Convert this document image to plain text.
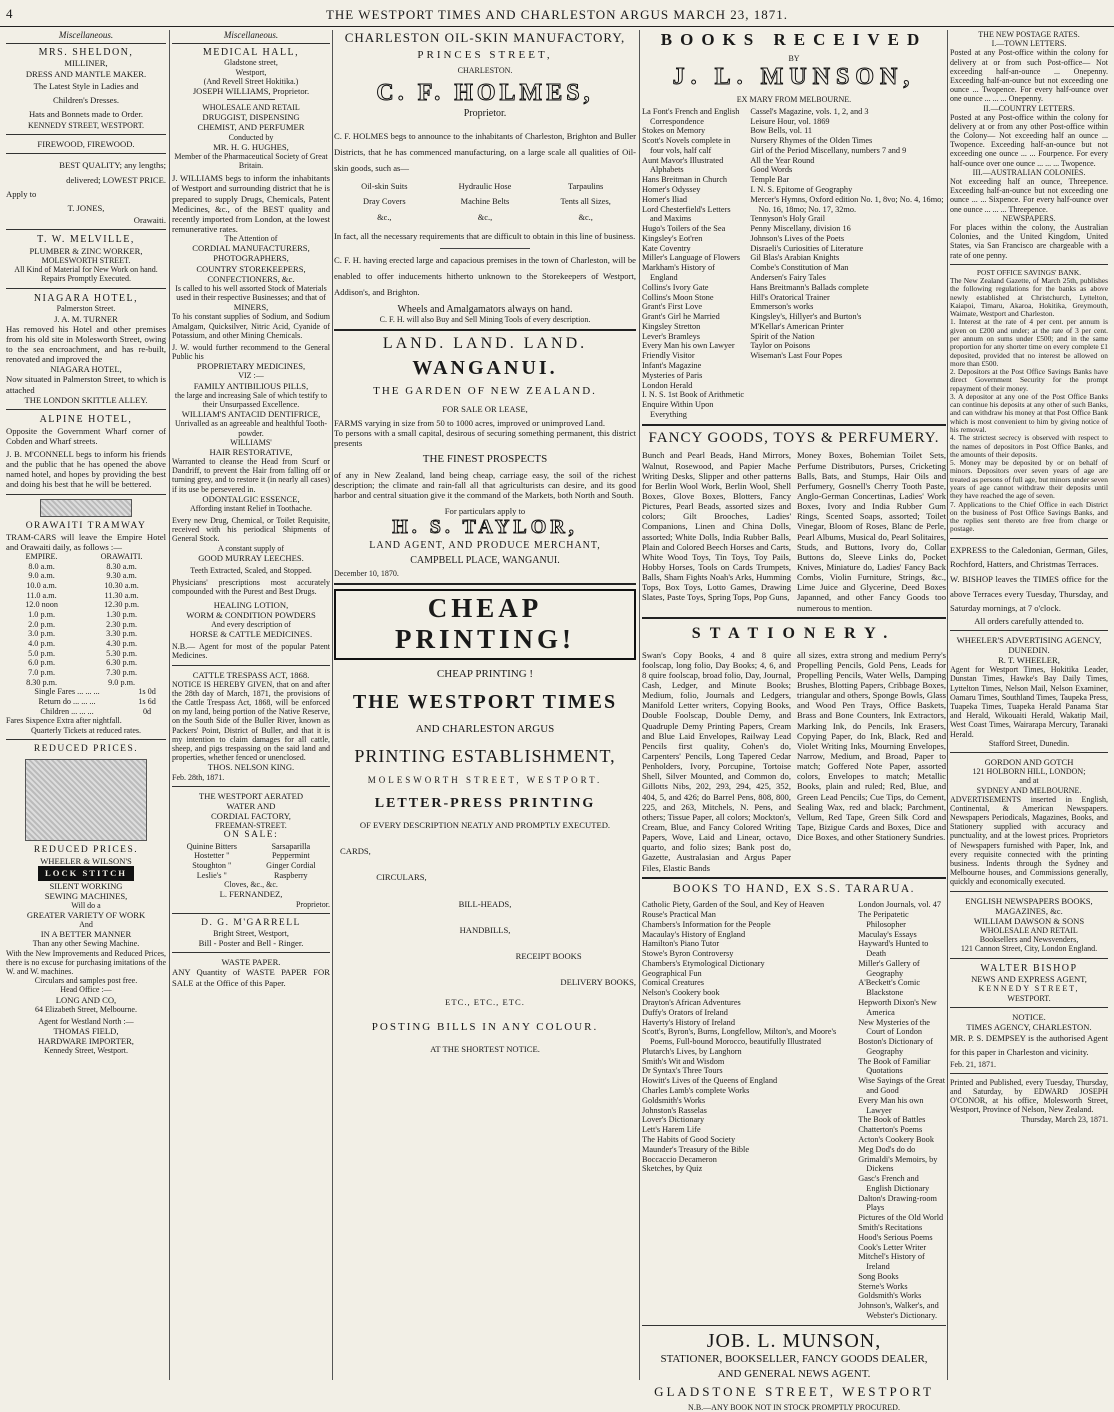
4	THE WESTPORT TIMES AND CHARLESTON ARGUS MARCH 23, 1871.
Miscellaneous.
MRS. SHELDON,
MILLINER,
DRESS AND MANTLE MAKER.
The Latest Style in Ladies and
Children's Dresses.
Hats and Bonnets made to Order.
KENNEDY STREET, WESTPORT.
FIREWOOD, FIREWOOD.
BEST QUALITY; any lengths;
delivered; LOWEST PRICE.
Apply to
T. JONES,
Orawaiti.
T. W. MELVILLE,
PLUMBER & ZINC WORKER,
MOLESWORTH STREET.
All Kind of Material for New Work on hand.
Repairs Promptly Executed.
NIAGARA HOTEL,
Palmerston Street.
J. A. M. TURNER
Has removed his Hotel and other premises from his old site in Molesworth Street, owing to the sea encroachment, and has re-built, renovated and improved the
NIAGARA HOTEL,
Now situated in Palmerston Street, to which is attached
THE LONDON SKITTLE ALLEY.
ALPINE HOTEL,
Opposite the Government Wharf corner of Cobden and Wharf streets.
J. B. M'CONNELL begs to inform his friends and the public that he has opened the above named hotel, and hopes by providing the best and doing his best that he will be bettered.
ORAWAITI TRAMWAY
TRAM-CARS will leave the Empire Hotel and Orawaiti daily, as follows :—
EMPIRE.	ORAWAITI.
8.0 a.m.	8.30 a.m.
9.0 a.m.	9.30 a.m.
10.0 a.m.	10.30 a.m.
11.0 a.m.	11.30 a.m.
12.0 noon	12.30 p.m.
1.0 p.m.	1.30 p.m.
2.0 p.m.	2.30 p.m.
3.0 p.m.	3.30 p.m.
4.0 p.m.	4.30 p.m.
5.0 p.m.	5.30 p.m.
6.0 p.m.	6.30 p.m.
7.0 p.m.	7.30 p.m.
8.30 p.m.	9.0 p.m.
Single Fares ... ... ...	1s 0d
Return do ... ... ...	1s 6d
Children ... ... ...	0d
Fares Sixpence Extra after nightfall.
Quarterly Tickets at reduced rates.
REDUCED PRICES.
REDUCED PRICES.
WHEELER & WILSON'S
LOCK STITCH
SILENT WORKING
SEWING MACHINES,
Will do a
GREATER VARIETY OF WORK
And
IN A BETTER MANNER
Than any other Sewing Machine.
With the New Improvements and Reduced Prices, there is no excuse for purchasing imitations of the W. and W. machines.
Circulars and samples post free.
Head Office :—
LONG AND CO,
64 Elizabeth Street, Melbourne.
Agent for Westland North :—
THOMAS FIELD,
HARDWARE IMPORTER,
Kennedy Street, Westport.
Miscellaneous.
MEDICAL HALL,
Gladstone street,
Westport,
(And Revell Street Hokitika.)
JOSEPH WILLIAMS, Proprietor.
WHOLESALE AND RETAIL
DRUGGIST, DISPENSING
CHEMIST, AND PERFUMER
Conducted by
MR. H. G. HUGHES,
Member of the Pharmaceutical Society of Great Britain.
J. WILLIAMS begs to inform the inhabitants of Westport and surrounding district that he is prepared to supply Drugs, Chemicals, Patent Medicines, &c., of the BEST quality and recently imported from London, at the lowest remunerative rates.
The Attention of
CORDIAL MANUFACTURERS,
PHOTOGRAPHERS,
COUNTRY STOREKEEPERS,
CONFECTIONERS, &c.
Is called to his well assorted Stock of Materials used in their respective Businesses; and that of
MINERS,
To his constant supplies of Sodium, and Sodium Amalgam, Quicksilver, Nitric Acid, Cyanide of Potassium, and other Mining Chemicals.
J. W. would further recommend to the General Public his
PROPRIETARY MEDICINES,
VIZ :—
FAMILY ANTIBILIOUS PILLS,
the large and increasing Sale of which testify to their Unsurpassed Excellence.
WILLIAM'S ANTACID DENTIFRICE,
Unrivalled as an agreeable and healthful Tooth-powder.
WILLIAMS'
HAIR RESTORATIVE,
Warranted to cleanse the Head from Scurf or Dandriff, to prevent the Hair from falling off or turning grey, and to restore it (in nearly all cases) if its use be persevered in.
ODONTALGIC ESSENCE,
Affording instant Relief in Toothache.
Every new Drug, Chemical, or Toilet Requisite, received with his periodical Shipments of General Stock.
A constant supply of
GOOD MURRAY LEECHES.
Teeth Extracted, Scaled, and Stopped.
Physicians' prescriptions most accurately compounded with the Purest and Best Drugs.
HEALING LOTION,
WORM & CONDITION POWDERS
And every description of
HORSE & CATTLE MEDICINES.
N.B.— Agent for most of the popular Patent Medicines.
CATTLE TRESPASS ACT, 1868.
NOTICE IS HEREBY GIVEN, that on and after the 28th day of March, 1871, the provisions of the Cattle Trespass Act, 1868, will be enforced on my land, being portion of the Native Reserve, on the South Side of the Buller River, known as Packers' Point, District of Buller, and that it is my intention to claim damages for all cattle, sheep, and pigs trespassing on the said land and properties, whether fenced or unenclosed.
THOS. NELSON KING.
Feb. 28th, 1871.
THE WESTPORT AERATED
WATER AND
CORDIAL FACTORY,
FREEMAN-STREET.
ON SALE:
Quinine Bitters	Sarsaparilla
Hostetter "	Peppermint
Stoughton "	Ginger Cordial
Leslie's "	Raspberry
Cloves, &c., &c.
L. FERNANDEZ,
Proprietor.
D. G. M'GARRELL
Bright Street, Westport,
Bill - Poster and Bell - Ringer.
WASTE PAPER.
ANY Quantity of WASTE PAPER FOR SALE at the Office of this Paper.
CHARLESTON OIL-SKIN MANUFACTORY,
PRINCES STREET,
CHARLESTON.
C. F. HOLMES,
Proprietor.
C. F. HOLMES begs to announce to the inhabitants of Charleston, Brighton and Buller Districts, that he has commenced manufacturing, on a large scale all qualities of Oil-skin goods, such as—
Oil-skin Suits	Hydraulic Hose	Tarpaulins
Dray Covers	Machine Belts	Tents all Sizes,
&c.,	&c.,	&c.,
In fact, all the necessary requirements that are difficult to obtain in this line of business.
C. F. H. having erected large and capacious premises in the town of Charleston, will be enabled to offer inducements hitherto unknown to the Storekeepers of Westport, Addison's, and Brighton.
Wheels and Amalgamators always on hand.
C. F. H. will also Buy and Sell Mining Tools of every description.
LAND. LAND. LAND.
WANGANUI.
THE GARDEN OF NEW ZEALAND.
FOR SALE OR LEASE,
FARMS varying in size from 50 to 1000 acres, improved or unimproved Land.
To persons with a small capital, desirous of securing something permanent, this district presents
THE FINEST PROSPECTS
of any in New Zealand, land being cheap, carriage easy, the soil of the richest description; the climate and rain-fall all that agriculturists can desire, and its good harbor and central situation give it the command of the Markets, both North and South.
For particulars apply to
H. S. TAYLOR,
LAND AGENT, AND PRODUCE MERCHANT,
CAMPBELL PLACE, WANGANUI.
December 10, 1870.
CHEAP PRINTING!
CHEAP PRINTING !
THE WESTPORT TIMES
AND CHARLESTON ARGUS
PRINTING ESTABLISHMENT,
MOLESWORTH STREET, WESTPORT.
LETTER-PRESS PRINTING
OF EVERY DESCRIPTION NEATLY AND PROMPTLY EXECUTED.
CARDS,
CIRCULARS,
BILL-HEADS,
HANDBILLS,
RECEIPT BOOKS
DELIVERY BOOKS,
ETC., ETC., ETC.
POSTING BILLS IN ANY COLOUR.
AT THE SHORTEST NOTICE.
BOOKS RECEIVED
BY
J. L. MUNSON,
EX MARY FROM MELBOURNE.
La Font's French and English Correspondence
Stokes on Memory
Scott's Novels complete in four vols, half calf
Aunt Mavor's Illustrated Alphabets
Hans Breitman in Church
Homer's Odyssey
Homer's Iliad
Lord Chesterfield's Letters and Maxims
Hugo's Toilers of the Sea
Kingsley's Eot'ren
Kate Coventry
Miller's Language of Flowers
Markham's History of England
Collins's Ivory Gate
Collins's Moon Stone
Grant's First Love
Grant's Girl he Married
Kingsley Stretton
Lever's Bramleys
Every Man his own Lawyer
Friendly Visitor
Infant's Magazine
Mysteries of Paris
London Herald
I. N. S. 1st Book of Arithmetic
Enquire Within Upon Everything
Cassel's Magazine, vols. 1, 2, and 3
Leisure Hour, vol. 1869
Bow Bells, vol. 11
Nursery Rhymes of the Olden Times
Girl of the Period Miscellany, numbers 7 and 9
All the Year Round
Good Words
Temple Bar
I. N. S. Epitome of Geography
Mercer's Hymns, Oxford edition No. 1, 8vo; No. 4, 16mo; No. 16, 18mo; No. 17, 32mo.
Tennyson's Holy Grail
Penny Miscellany, division 16
Johnson's Lives of the Poets
Disraeli's Curiosities of Literature
Gil Blas's Arabian Knights
Combe's Constitution of Man
Andersen's Fairy Tales
Hans Breitmann's Ballads complete
Hill's Oratorical Trainer
Emmerson's works
Kingsley's, Hillyer's and Burton's
M'Kellar's American Printer
Spirit of the Nation
Taylor on Poisons
Wiseman's Last Four Popes
FANCY GOODS, TOYS & PERFUMERY.
Bunch and Pearl Beads, Hand Mirrors, Walnut, Rosewood, and Papier Mache Writing Desks, Slipper and other patterns for Berlin Wool Work, Berlin Wool, Shell Boxes, Glove Boxes, Blotters, Fancy Pictures, Pearl Beads, assorted sizes and colors; Gilt Brooches, Ladies' Companions, Linen and China Dolls, assorted; White Dolls, India Rubber Balls, Plain and Colored Beech Horses and Carts, White Wood Toys, Tin Toys, Toy Pails, Hobby Horses, Tools on Cards Trumpets, Balls, Sham Fights Noah's Arks, Humming Tops, Box Toys, Lotto Games, Drawing Slates, Paste Toys, Spring Tops, Pop Guns,
Money Boxes, Bohemian Toilet Sets, Perfume Distributors, Purses, Cricketing Balls, Bats, and Stumps, Hair Oils and Perfumery, Gosnell's Cherry Tooth Paste, Anglo-German Concertinas, Ladies' Work Boxes, Ivory and India Rubber Gum Rings, Scented Soaps, assorted; Toilet Vinegar, Bloom of Roses, Blanc de Perle, Pearl Albums, Musical do, Pearl Solitaires, Studs, and Buttons, Ivory do, Collar Buttons do, Sleeve Links do, Pocket Knives, Miniature do, Ladies' Fancy Back Combs, Violin Furniture, Strings, &c., Lime Juice and Glycerine, Deed Boxes Japanned, and other Fancy Goods too numerous to mention.
STATIONERY.
Swan's Copy Books, 4 and 8 quire foolscap, long folio, Day Books; 4, 6, and 8 quire foolscap, broad folio, Day, Journal, Cash, Ledger, and Minute Books; Medium, folio, Journals and Ledgers, Manifold Letter writers, Copying Books, Double Foolscap, Double Demy, and Quadruple Demy Printing Papers, Cream and Blue Laid Envelopes, Railway Lead Pencils first quality, Cohen's do, Carpenters' Pencils, Long Tapered Cedar Penholders, Ivory, Porcupine, Tortoise Shell, Silver Mounted, and Common do, Gillotts Nibs, 202, 293, 294, 425, 352, 404, 5, and 426; do Barrel Pens, 808, 800, 225, and 263, Mitchels, N. Pens, and others; Tissue Paper, all colors; Mockton's, Cream, Blue, and Fancy Colored Writing Papers, Wove, Laid and Linear, octavo, quarto, and folio sizes; Bank post do, Gazette, Australasian and Argus Paper Files, Elastic Bands
all sizes, extra strong and medium Perry's Propelling Pencils, Gold Pens, Leads for Propelling Pencils, Water Wells, Damping Brushes, Blotting Papers, Cribbage Boxes, triangular and others, Sponge Bowls, Glass and Wood Pen Trays, Office Baskets, Brass and Bone Counters, Ink Extractors, Marking Ink, do Pencils, Ink Erasers, Copying Paper, do Ink, Black, Red and Violet Writing Inks, Mourning Envelopes, Narrow, Medium, and Broad, Paper to match; Goffered Note Paper, assorted colors, Envelopes to match; Metallic Books, plain and ruled; Red, Blue, and Green Lead Pencils; Cue Tips, do Cement, Sealing Wax, red and black; Parchment, Vellum, Red Tape, Green Silk Cord and Tape, Bizigue Cards and Boxes, Dice and Dice Boxes, and other Stationery Sundries.
BOOKS TO HAND, EX S.S. TARARUA.
Catholic Piety, Garden of the Soul, and Key of Heaven
Rouse's Practical Man
Chambers's Information for the People
Macaulay's History of England
Hamilton's Piano Tutor
Stowe's Byron Controversy
Chambers's Etymological Dictionary
Geographical Fun
Comical Creatures
Nelson's Cookery book
Drayton's African Adventures
Duffy's Orators of Ireland
Haverty's History of Ireland
Scott's, Byron's, Burns, Longfellow, Milton's, and Moore's Poems, Full-bound Morocco, beautifully Illustrated
Plutarch's Lives, by Langhorn
Smith's Wit and Wisdom
Dr Syntax's Three Tours
Howitt's Lives of the Queens of England
Charles Lamb's complete Works
Goldsmith's Works
Johnston's Rasselas
Lover's Dictionary
Lett's Harem Life
The Habits of Good Society
Maunder's Treasury of the Bible
Boccaccio Decameron
Sketches, by Quiz
London Journals, vol. 47
The Peripatetic Philosopher
Maculay's Essays
Hayward's Hunted to Death
Miller's Gallery of Geography
A'Beckett's Comic Blackstone
Hepworth Dixon's New America
New Mysteries of the Court of London
Boston's Dictionary of Geography
The Book of Familiar Quotations
Wise Sayings of the Great and Good
Every Man his own Lawyer
The Book of Battles
Chatterton's Poems
Acton's Cookery Book
Meg Dod's do do
Grimaldi's Memoirs, by Dickens
Gasc's French and English Dictionary
Dalton's Drawing-room Plays
Pictures of the Old World
Smith's Recitations
Hood's Serious Poems
Cook's Letter Writer
Mitchel's History of Ireland
Song Books
Sterne's Works
Goldsmith's Works
Johnson's, Walker's, and Webster's Dictionary.
JOB. L. MUNSON,
STATIONER, BOOKSELLER, FANCY GOODS DEALER,
AND GENERAL NEWS AGENT.
GLADSTONE STREET, WESTPORT
N.B.—ANY BOOK NOT IN STOCK PROMPTLY PROCURED.
THE NEW POSTAGE RATES.
I.—TOWN LETTERS.
Posted at any Post-office within the colony for delivery at or from such Post-office— Not exceeding half-an-ounce ... Onepenny. Exceeding half-an-ounce but not exceeding one ounce ... Twopence. For every half-ounce over one ounce ... ... ... Onepenny.
II.—COUNTRY LETTERS.
Posted at any Post-office within the colony for delivery at or from any other Post-office within the Colony— Not exceeding half an ounce ... Twopence. Exceeding half-an-ounce but not exceeding one ounce ... ... Fourpence. For every half-ounce over one ounce ... ... ... Twopence.
III.—AUSTRALIAN COLONIES.
Not exceeding half an ounce, Threepence. Exceeding half-an-ounce but not exceeding one ounce ... ... Sixpence. For every half-ounce over one ounce ... ... ... Threepence.
NEWSPAPERS.
For places within the colony, the Australian Colonies, and the United Kingdom, United States, via San Francisco are chargeable with a rate of one penny.
POST OFFICE SAVINGS' BANK.
The New Zealand Gazette, of March 25th, publishes the following regulations for the banks as above newly established at Christchurch, Lyttelton, Kaiapoi, Timaru, Akaroa, Hokitika, Greymouth, Waimate, Westport and Charleston.
1. Interest at the rate of 4 per cent. per annum is given on £200 and under; at the rate of 3 per cent. per annum on sums under £500; and in the same proportion for any shorter time on every complete £1 deposited, provided that no interest be allowed on more than £500.
2. Depositors at the Post Office Savings Banks have direct Government Security for the prompt repayment of their money.
3. A depositor at any one of the Post Office Banks can continue his deposits at any other of such Banks, and can withdraw his money at that Post Office Bank which is most convenient to him by giving notice of his removal.
4. The strictest secrecy is observed with respect to the names of depositors in Post Office Banks, and the amounts of their deposits.
5. Money may be deposited by or on behalf of minors. Depositors over seven years of age are treated as persons of full age, but minors under seven years of age cannot withdraw their deposits until they have reached the age of seven.
7. Applications to the Chief Office in each District on the business of Post Office Savings Banks, and the replies sent thereto are free from charge or postage.
EXPRESS to the Caledonian, German, Giles, Rochford, Hatters, and Christmas Terraces.
W. BISHOP leaves the TIMES office for the above Terraces every Tuesday, Thursday, and Saturday mornings, at 7 o'clock.
All orders carefully attended to.
WHEELER'S ADVERTISING AGENCY, DUNEDIN.
R. T. WHEELER,
Agent for Westport Times, Hokitika Leader, Dunstan Times, Hawke's Bay Daily Times, Lyttelton Times, Nelson Mail, Nelson Examiner, Oamaru Times, Southland Times, Taupeka Press, Tuapeka Times, Tuapeka Herald Panama Star and Herald, Wikouaiti Herald, Wakatip Mail, West Coast Times, Wairarapa Mercury, Taranaki Herald.
Stafford Street, Dunedin.
GORDON AND GOTCH
121 HOLBORN HILL, LONDON;
and at
SYDNEY AND MELBOURNE.
ADVERTISEMENTS inserted in English, Continental, & American Newspapers. Newspapers Periodicals, Magazines, Books, and Stationery supplied with accuracy and punctuality, and at the lowest prices. Proprietors of Newspapers furnished with Paper, Ink, and every requisite connected with the printing business. Indents through the Sydney and Melbourne houses, and Commissions generally, quickly and economically executed.
ENGLISH NEWSPAPERS BOOKS, MAGAZINES, &c.
WILLIAM DAWSON & SONS
WHOLESALE AND RETAIL
Booksellers and Newsvenders,
121 Cannon Street, City, London England.
WALTER BISHOP
NEWS AND EXPRESS AGENT,
KENNEDY STREET,
WESTPORT.
NOTICE.
TIMES AGENCY, CHARLESTON.
MR. P. S. DEMPSEY is the authorised Agent for this paper in Charleston and vicinity.
Feb. 21, 1871.
Printed and Published, every Tuesday, Thursday, and Saturday, by EDWARD JOSEPH O'CONOR, at his office, Molesworth Street, Westport, Province of Nelson, New Zealand.
Thursday, March 23, 1871.
